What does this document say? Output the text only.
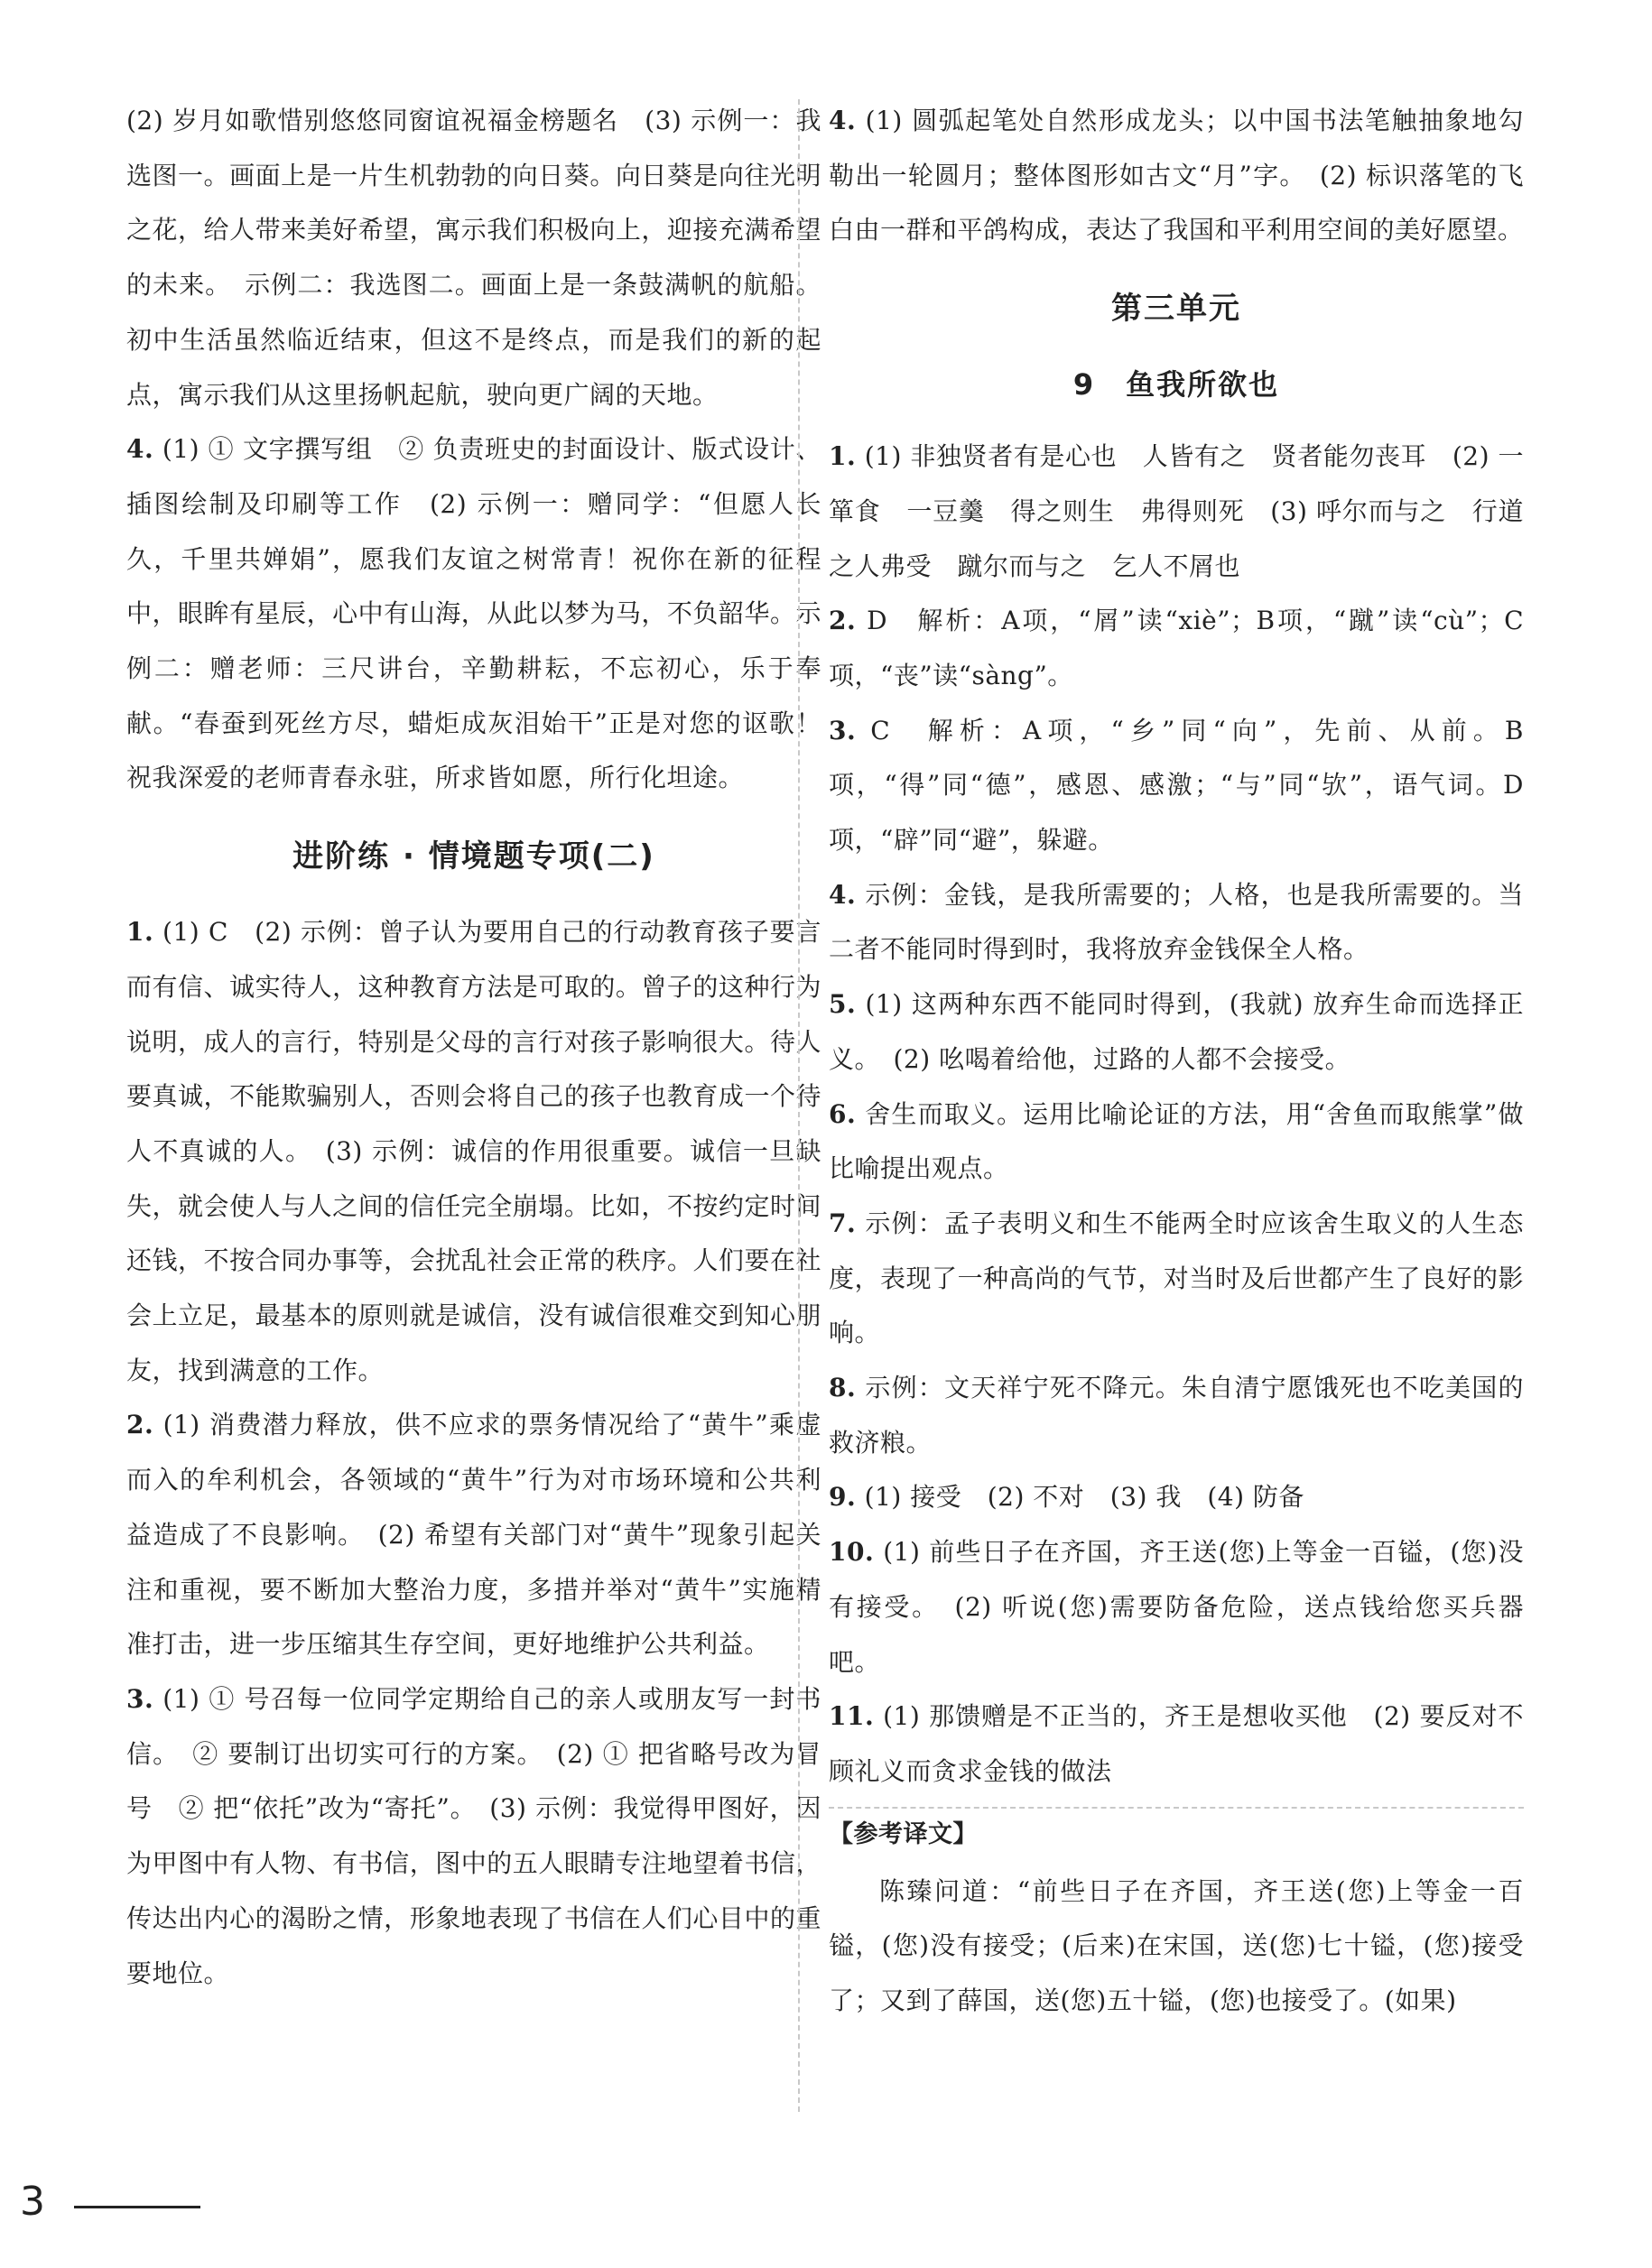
(2) 岁月如歌惜别悠悠同窗谊祝福金榜题名　(3) 示例一：我选图一。画面上是一片生机勃勃的向日葵。向日葵是向往光明之花，给人带来美好希望，寓示我们积极向上，迎接充满希望的未来。　示例二：我选图二。画面上是一条鼓满帆的航船。初中生活虽然临近结束，但这不是终点，而是我们的新的起点，寓示我们从这里扬帆起航，驶向更广阔的天地。

4. (1) ① 文字撰写组　② 负责班史的封面设计、版式设计、插图绘制及印刷等工作　(2) 示例一：赠同学：“但愿人长久，千里共婵娟”，愿我们友谊之树常青！祝你在新的征程中，眼眸有星辰，心中有山海，从此以梦为马，不负韶华。示例二：赠老师：三尺讲台，辛勤耕耘，不忘初心，乐于奉献。“春蚕到死丝方尽，蜡炬成灰泪始干”正是对您的讴歌！祝我深爱的老师青春永驻，所求皆如愿，所行化坦途。

进阶练 · 情境题专项(二)

1. (1) C　(2) 示例：曾子认为要用自己的行动教育孩子要言而有信、诚实待人，这种教育方法是可取的。曾子的这种行为说明，成人的言行，特别是父母的言行对孩子影响很大。待人要真诚，不能欺骗别人，否则会将自己的孩子也教育成一个待人不真诚的人。　(3) 示例：诚信的作用很重要。诚信一旦缺失，就会使人与人之间的信任完全崩塌。比如，不按约定时间还钱，不按合同办事等，会扰乱社会正常的秩序。人们要在社会上立足，最基本的原则就是诚信，没有诚信很难交到知心朋友，找到满意的工作。

2. (1) 消费潜力释放，供不应求的票务情况给了“黄牛”乘虚而入的牟利机会，各领域的“黄牛”行为对市场环境和公共利益造成了不良影响。　(2) 希望有关部门对“黄牛”现象引起关注和重视，要不断加大整治力度，多措并举对“黄牛”实施精准打击，进一步压缩其生存空间，更好地维护公共利益。

3. (1) ① 号召每一位同学定期给自己的亲人或朋友写一封书信。　② 要制订出切实可行的方案。　(2) ① 把省略号改为冒号　② 把“依托”改为“寄托”。　(3) 示例：我觉得甲图好，因为甲图中有人物、有书信，图中的五人眼睛专注地望着书信，传达出内心的渴盼之情，形象地表现了书信在人们心目中的重要地位。

4. (1) 圆弧起笔处自然形成龙头；以中国书法笔触抽象地勾勒出一轮圆月；整体图形如古文“月”字。　(2) 标识落笔的飞白由一群和平鸽构成，表达了我国和平利用空间的美好愿望。

第三单元
9　鱼我所欲也

1. (1) 非独贤者有是心也　人皆有之　贤者能勿丧耳　(2) 一箪食　一豆羹　得之则生　弗得则死　(3) 呼尔而与之　行道之人弗受　蹴尔而与之　乞人不屑也

2. D　解析：A项，“屑”读“xiè”；B项，“蹴”读“cù”；C项，“丧”读“sàng”。

3. C　解析：A项，“乡”同“向”，先前、从前。B项，“得”同“德”，感恩、感激；“与”同“欤”，语气词。D项，“辟”同“避”，躲避。

4. 示例：金钱，是我所需要的；人格，也是我所需要的。当二者不能同时得到时，我将放弃金钱保全人格。

5. (1) 这两种东西不能同时得到，(我就) 放弃生命而选择正义。　(2) 吆喝着给他，过路的人都不会接受。

6. 舍生而取义。运用比喻论证的方法，用“舍鱼而取熊掌”做比喻提出观点。

7. 示例：孟子表明义和生不能两全时应该舍生取义的人生态度，表现了一种高尚的气节，对当时及后世都产生了良好的影响。

8. 示例：文天祥宁死不降元。朱自清宁愿饿死也不吃美国的救济粮。

9. (1) 接受　(2) 不对　(3) 我　(4) 防备

10. (1) 前些日子在齐国，齐王送(您)上等金一百镒，(您)没有接受。　(2) 听说(您)需要防备危险，送点钱给您买兵器吧。

11. (1) 那馈赠是不正当的，齐王是想收买他　(2) 要反对不顾礼义而贪求金钱的做法

【参考译文】

陈臻问道：“前些日子在齐国，齐王送(您)上等金一百镒，(您)没有接受；(后来)在宋国，送(您)七十镒，(您)接受了；又到了薛国，送(您)五十镒，(您)也接受了。(如果)

3
